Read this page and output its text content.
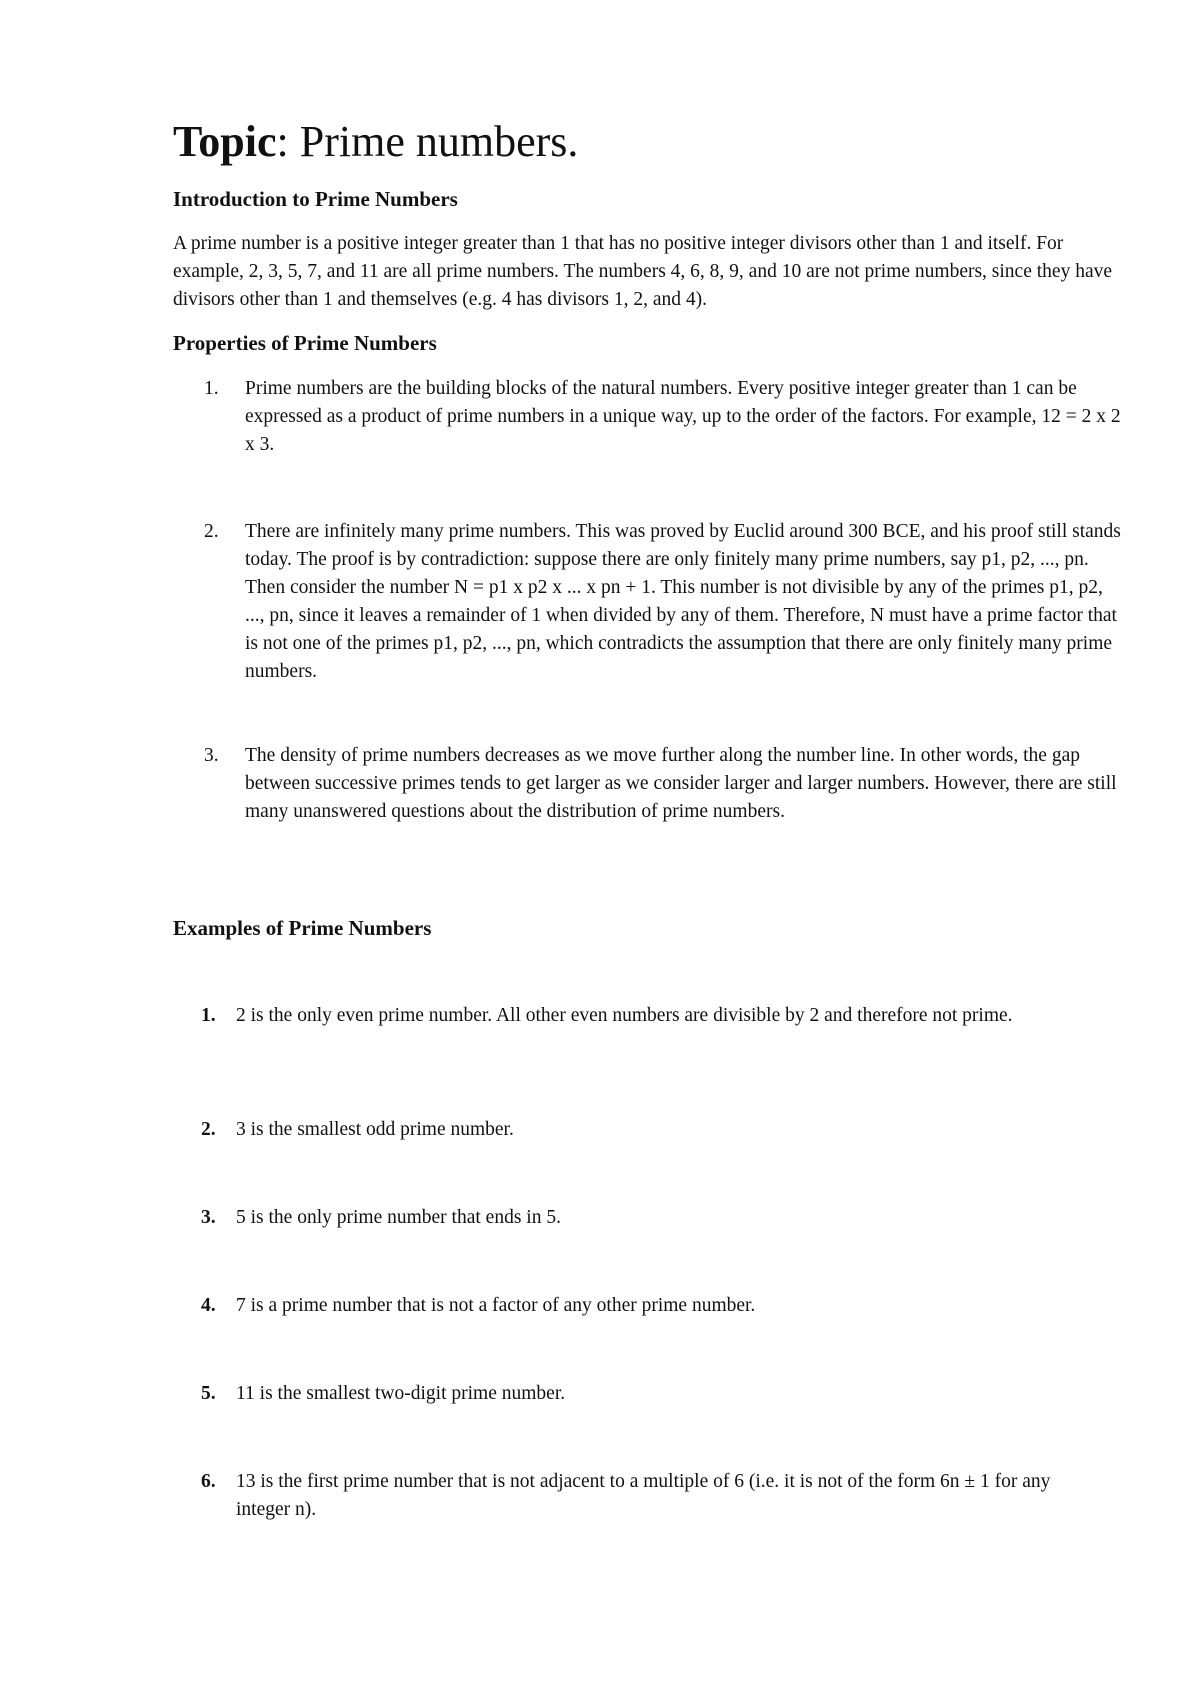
Topic: Prime numbers.
Introduction to Prime Numbers

A prime number is a positive integer greater than 1 that has no positive integer divisors other than 1 and itself. For example, 2, 3, 5, 7, and 11 are all prime numbers. The numbers 4, 6, 8, 9, and 10 are not prime numbers, since they have divisors other than 1 and themselves (e.g. 4 has divisors 1, 2, and 4).

Properties of Prime Numbers
1. Prime numbers are the building blocks of the natural numbers. Every positive integer greater than 1 can be expressed as a product of prime numbers in a unique way, up to the order of the factors. For example, 12 = 2 x 2 x 3.

2. There are infinitely many prime numbers. This was proved by Euclid around 300 BCE, and his proof still stands today. The proof is by contradiction: suppose there are only finitely many prime numbers, say p1, p2, ..., pn. Then consider the number N = p1 x p2 x ... x pn + 1. This number is not divisible by any of the primes p1, p2, ..., pn, since it leaves a remainder of 1 when divided by any of them. Therefore, N must have a prime factor that is not one of the primes p1, p2, ..., pn, which contradicts the assumption that there are only finitely many prime numbers.

3. The density of prime numbers decreases as we move further along the number line. In other words, the gap between successive primes tends to get larger as we consider larger and larger numbers. However, there are still many unanswered questions about the distribution of prime numbers.

Examples of Prime Numbers
1. 2 is the only even prime number. All other even numbers are divisible by 2 and therefore not prime.

2. 3 is the smallest odd prime number.

3. 5 is the only prime number that ends in 5.

4. 7 is a prime number that is not a factor of any other prime number.

5. 11 is the smallest two-digit prime number.

6. 13 is the first prime number that is not adjacent to a multiple of 6 (i.e. it is not of the form 6n ± 1 for any integer n).
